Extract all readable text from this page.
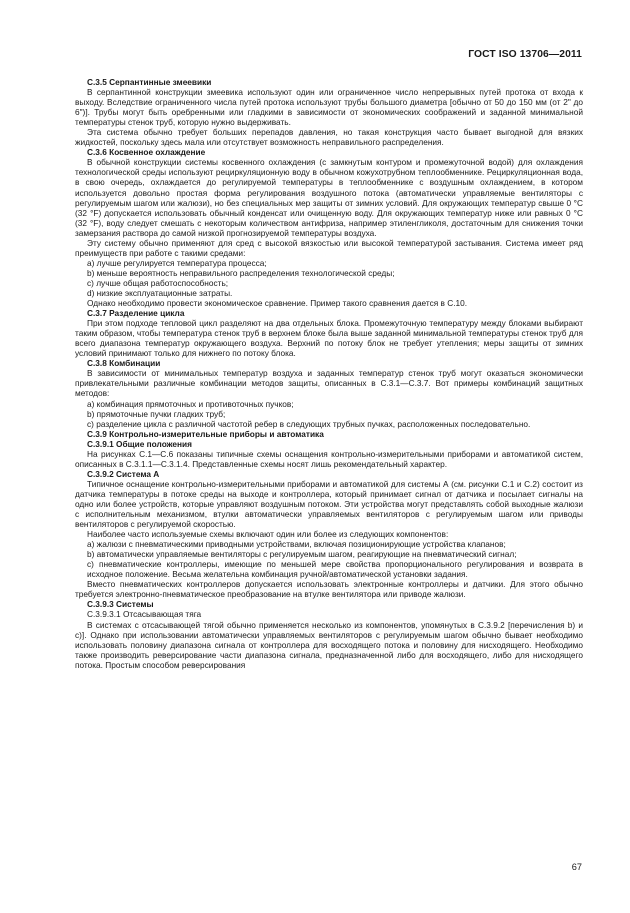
ГОСТ ISO 13706—2011
С.3.5 Серпантинные змеевики

В серпантинной конструкции змеевика используют один или ограниченное число непрерывных путей протока от входа к выходу. Вследствие ограниченного числа путей протока используют трубы большого диаметра [обычно от 50 до 150 мм (от 2" до 6")]. Трубы могут быть оребренными или гладкими в зависимости от экономических соображений и заданной минимальной температуры стенок труб, которую нужно выдерживать.

Эта система обычно требует больших перепадов давления, но такая конструкция часто бывает выгодной для вязких жидкостей, поскольку здесь мала или отсутствует возможность неправильного распределения.

С.3.6 Косвенное охлаждение

В обычной конструкции системы косвенного охлаждения (с замкнутым контуром и промежуточной водой) для охлаждения технологической среды используют рециркуляционную воду в обычном кожухотрубном теплообменнике. Рециркуляционная вода, в свою очередь, охлаждается до регулируемой температуры в теплообменнике с воздушным охлаждением, в котором используется довольно простая форма регулирования воздушного потока (автоматически управляемые вентиляторы с регулируемым шагом или жалюзи), но без специальных мер защиты от зимних условий. Для окружающих температур свыше 0 °C (32 °F) допускается использовать обычный конденсат или очищенную воду. Для окружающих температур ниже или равных 0 °C (32 °F), воду следует смешать с некоторым количеством антифриза, например этиленгликоля, достаточным для снижения точки замерзания раствора до самой низкой прогнозируемой температуры воздуха.

Эту систему обычно применяют для сред с высокой вязкостью или высокой температурой застывания. Система имеет ряд преимуществ при работе с такими средами:

a) лучше регулируется температура процесса;
b) меньше вероятность неправильного распределения технологической среды;
c) лучше общая работоспособность;
d) низкие эксплуатационные затраты.

Однако необходимо провести экономическое сравнение. Пример такого сравнения дается в С.10.

С.3.7 Разделение цикла

При этом подходе тепловой цикл разделяют на два отдельных блока. Промежуточную температуру между блоками выбирают таким образом, чтобы температура стенок труб в верхнем блоке была выше заданной минимальной температуры стенок труб для всего диапазона температур окружающего воздуха. Верхний по потоку блок не требует утепления; меры защиты от зимних условий принимают только для нижнего по потоку блока.

С.3.8 Комбинации

В зависимости от минимальных температур воздуха и заданных температур стенок труб могут оказаться экономически привлекательными различные комбинации методов защиты, описанных в С.3.1—С.3.7. Вот примеры комбинаций защитных методов:

a) комбинация прямоточных и противоточных пучков;
b) прямоточные пучки гладких труб;
c) разделение цикла с различной частотой ребер в следующих трубных пучках, расположенных последовательно.
С.3.9 Контрольно-измерительные приборы и автоматика
С.3.9.1 Общие положения

На рисунках С.1—С.6 показаны типичные схемы оснащения контрольно-измерительными приборами и автоматикой систем, описанных в С.3.1.1—С.3.1.4. Представленные схемы носят лишь рекомендательный характер.

С.3.9.2 Система А

Типичное оснащение контрольно-измерительными приборами и автоматикой для системы А (см. рисунки С.1 и С.2) состоит из датчика температуры в потоке среды на выходе и контроллера, который принимает сигнал от датчика и посылает сигналы на одно или более устройств, которые управляют воздушным потоком. Эти устройства могут представлять собой выходные жалюзи с исполнительным механизмом, втулки автоматически управляемых вентиляторов с регулируемым шагом или приводы вентиляторов с регулируемой скоростью.

Наиболее часто используемые схемы включают один или более из следующих компонентов:

a) жалюзи с пневматическими приводными устройствами, включая позиционирующие устройства клапанов;
b) автоматически управляемые вентиляторы с регулируемым шагом, реагирующие на пневматический сигнал;
c) пневматические контроллеры, имеющие по меньшей мере свойства пропорционального регулирования и возврата в исходное положение. Весьма желательна комбинация ручной/автоматической установки задания.

Вместо пневматических контроллеров допускается использовать электронные контроллеры и датчики. Для этого обычно требуется электронно-пневматическое преобразование на втулке вентилятора или приводе жалюзи.

С.3.9.3 Системы
С.3.9.3.1 Отсасывающая тяга

В системах с отсасывающей тягой обычно применяется несколько из компонентов, упомянутых в С.3.9.2 [перечисления b) и c)]. Однако при использовании автоматически управляемых вентиляторов с регулируемым шагом обычно бывает необходимо использовать половину диапазона сигнала от контроллера для восходящего потока и половину для нисходящего. Необходимо также производить реверсирование части диапазона сигнала, предназначенной либо для восходящего, либо для нисходящего потока. Простым способом реверсирования

67
